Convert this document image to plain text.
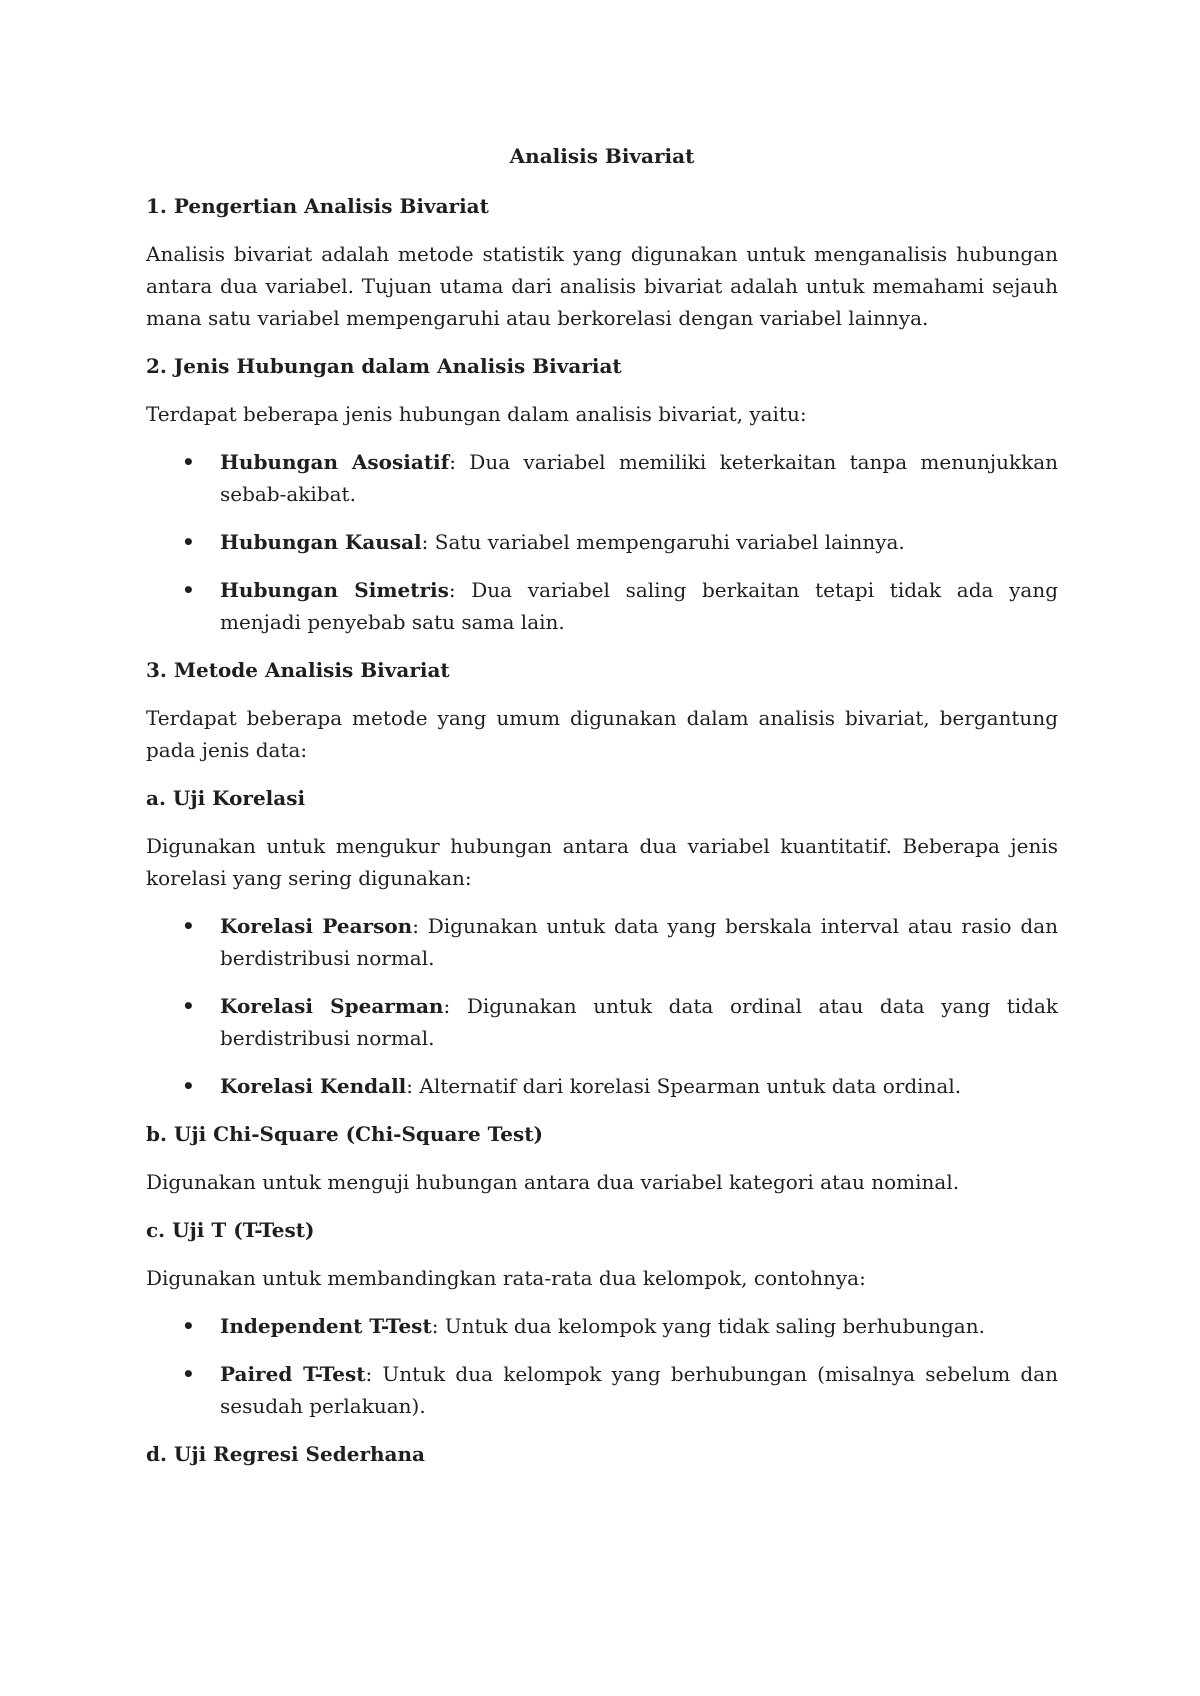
Analisis Bivariat
1. Pengertian Analisis Bivariat

Analisis bivariat adalah metode statistik yang digunakan untuk menganalisis hubungan antara dua variabel. Tujuan utama dari analisis bivariat adalah untuk memahami sejauh mana satu variabel mempengaruhi atau berkorelasi dengan variabel lainnya.

2. Jenis Hubungan dalam Analisis Bivariat

Terdapat beberapa jenis hubungan dalam analisis bivariat, yaitu:

• Hubungan Asosiatif: Dua variabel memiliki keterkaitan tanpa menunjukkan sebab-akibat.
• Hubungan Kausal: Satu variabel mempengaruhi variabel lainnya.
• Hubungan Simetris: Dua variabel saling berkaitan tetapi tidak ada yang menjadi penyebab satu sama lain.
3. Metode Analisis Bivariat

Terdapat beberapa metode yang umum digunakan dalam analisis bivariat, bergantung pada jenis data:

a. Uji Korelasi

Digunakan untuk mengukur hubungan antara dua variabel kuantitatif. Beberapa jenis korelasi yang sering digunakan:

• Korelasi Pearson: Digunakan untuk data yang berskala interval atau rasio dan berdistribusi normal.
• Korelasi Spearman: Digunakan untuk data ordinal atau data yang tidak berdistribusi normal.
• Korelasi Kendall: Alternatif dari korelasi Spearman untuk data ordinal.
b. Uji Chi-Square (Chi-Square Test)

Digunakan untuk menguji hubungan antara dua variabel kategori atau nominal.

c. Uji T (T-Test)

Digunakan untuk membandingkan rata-rata dua kelompok, contohnya:

• Independent T-Test: Untuk dua kelompok yang tidak saling berhubungan.
• Paired T-Test: Untuk dua kelompok yang berhubungan (misalnya sebelum dan sesudah perlakuan).
d. Uji Regresi Sederhana
